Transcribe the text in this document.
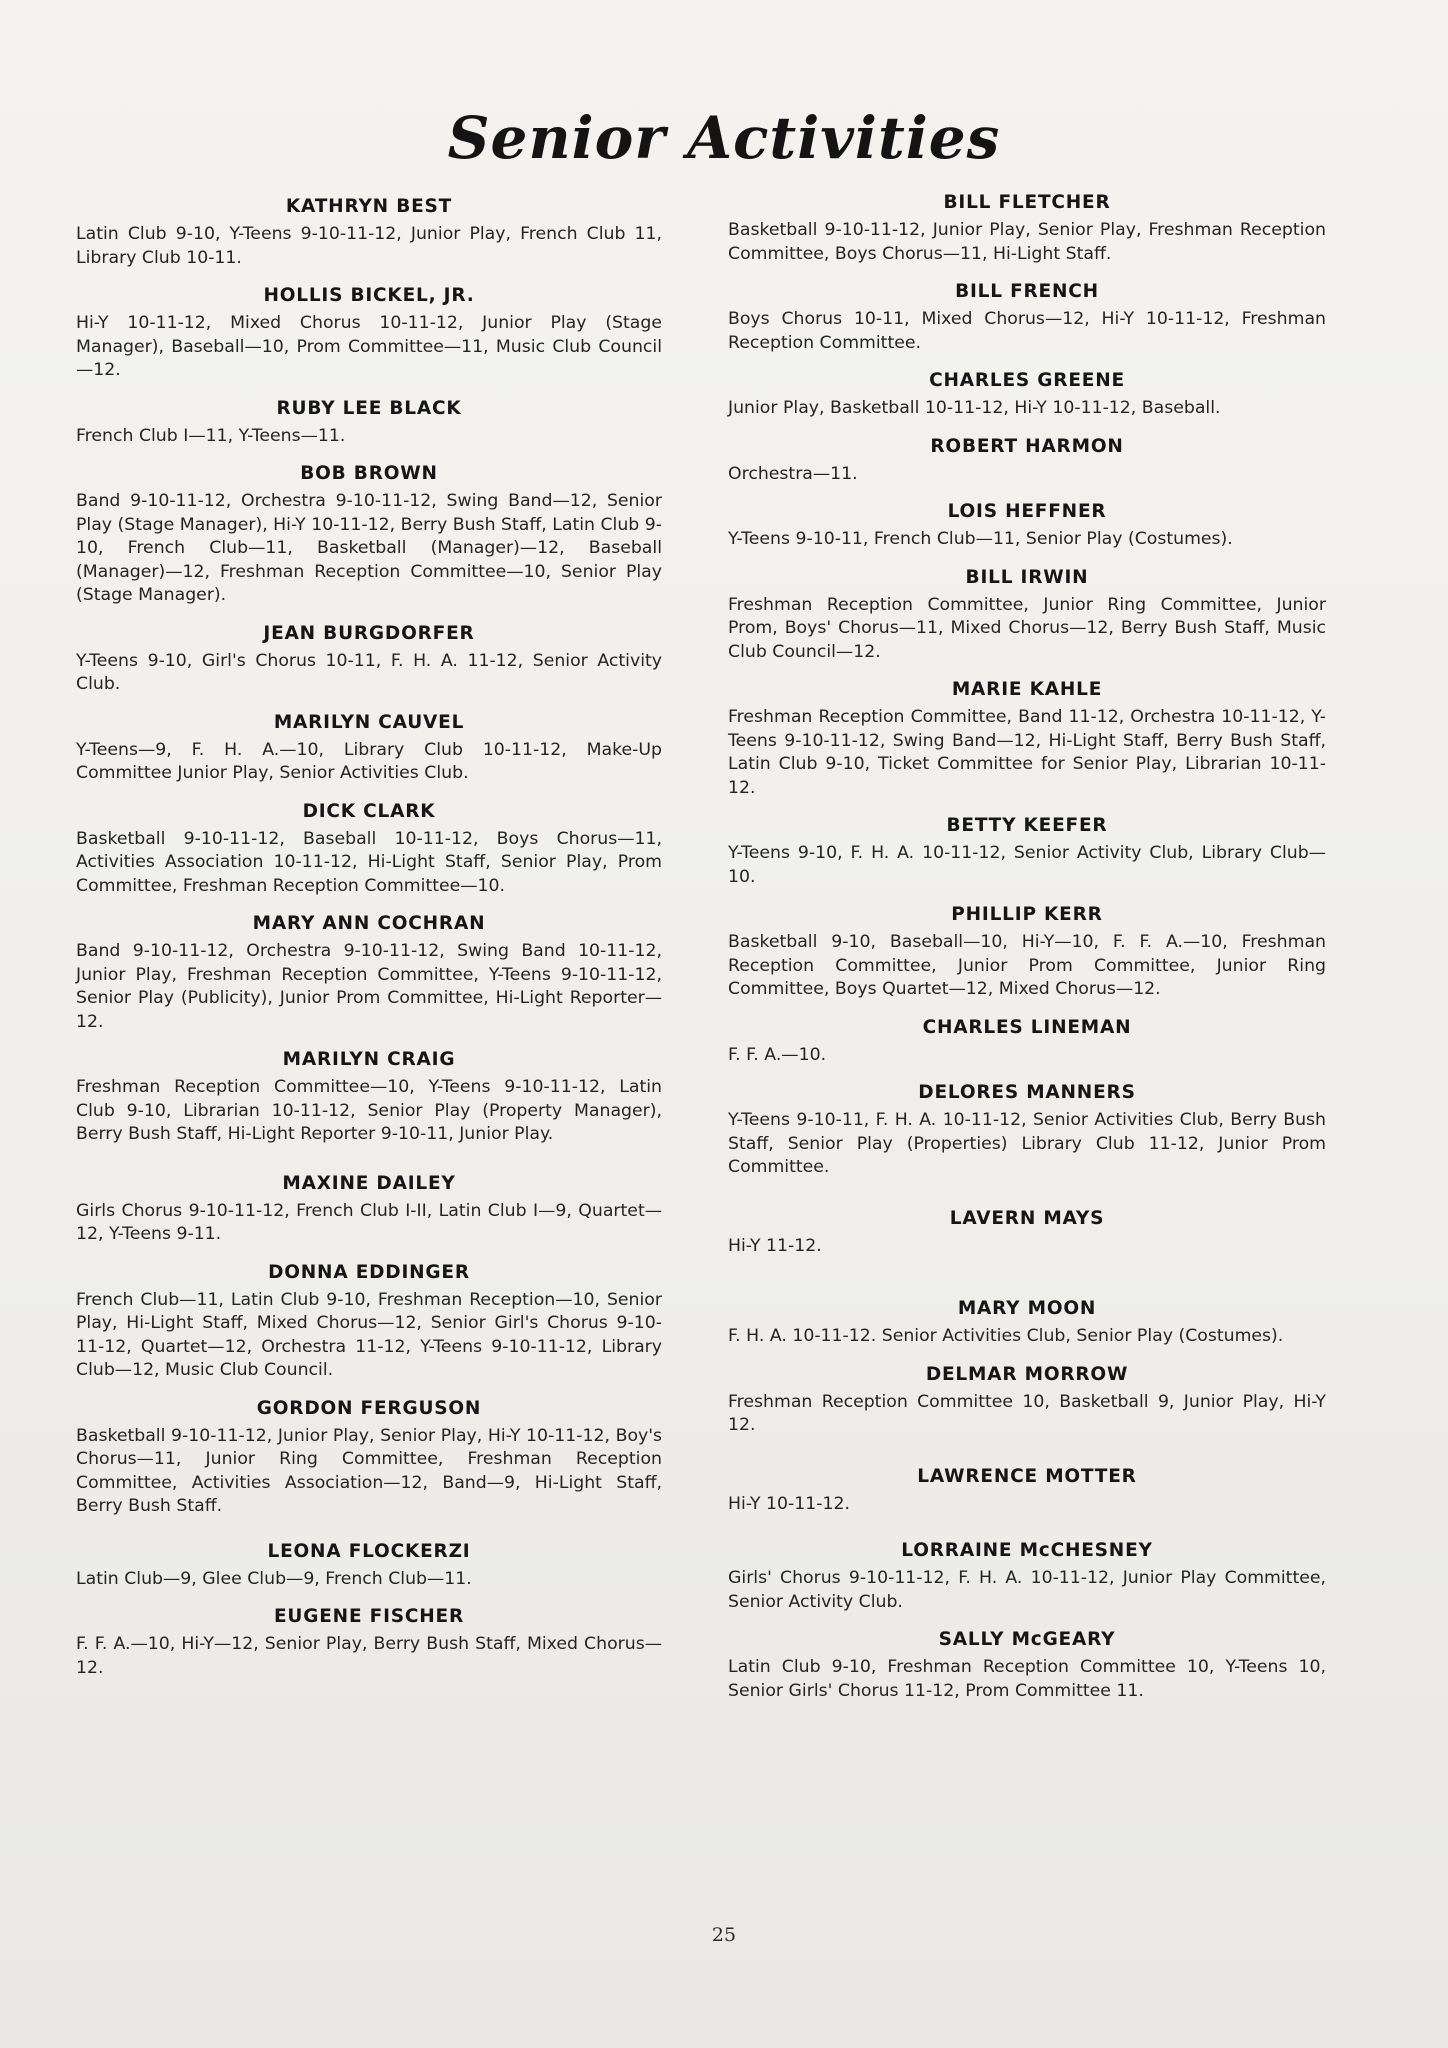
Senior Activities
KATHRYN BEST
Latin Club 9-10, Y-Teens 9-10-11-12, Junior Play, French Club 11, Library Club 10-11.
HOLLIS BICKEL, JR.
Hi-Y 10-11-12, Mixed Chorus 10-11-12, Junior Play (Stage Manager), Baseball—10, Prom Committee—11, Music Club Council—12.
RUBY LEE BLACK
French Club I—11, Y-Teens—11.
BOB BROWN
Band 9-10-11-12, Orchestra 9-10-11-12, Swing Band—12, Senior Play (Stage Manager), Hi-Y 10-11-12, Berry Bush Staff, Latin Club 9-10, French Club—11, Basketball (Manager)—12, Baseball (Manager)—12, Freshman Reception Committee—10, Senior Play (Stage Manager).
JEAN BURGDORFER
Y-Teens 9-10, Girl's Chorus 10-11, F. H. A. 11-12, Senior Activity Club.
MARILYN CAUVEL
Y-Teens—9, F. H. A.—10, Library Club 10-11-12, Make-Up Committee Junior Play, Senior Activities Club.
DICK CLARK
Basketball 9-10-11-12, Baseball 10-11-12, Boys Chorus—11, Activities Association 10-11-12, Hi-Light Staff, Senior Play, Prom Committee, Freshman Reception Committee—10.
MARY ANN COCHRAN
Band 9-10-11-12, Orchestra 9-10-11-12, Swing Band 10-11-12, Junior Play, Freshman Reception Committee, Y-Teens 9-10-11-12, Senior Play (Publicity), Junior Prom Committee, Hi-Light Reporter—12.
MARILYN CRAIG
Freshman Reception Committee—10, Y-Teens 9-10-11-12, Latin Club 9-10, Librarian 10-11-12, Senior Play (Property Manager), Berry Bush Staff, Hi-Light Reporter 9-10-11, Junior Play.
MAXINE DAILEY
Girls Chorus 9-10-11-12, French Club I-II, Latin Club I—9, Quartet—12, Y-Teens 9-11.
DONNA EDDINGER
French Club—11, Latin Club 9-10, Freshman Reception—10, Senior Play, Hi-Light Staff, Mixed Chorus—12, Senior Girl's Chorus 9-10-11-12, Quartet—12, Orchestra 11-12, Y-Teens 9-10-11-12, Library Club—12, Music Club Council.
GORDON FERGUSON
Basketball 9-10-11-12, Junior Play, Senior Play, Hi-Y 10-11-12, Boy's Chorus—11, Junior Ring Committee, Freshman Reception Committee, Activities Association—12, Band—9, Hi-Light Staff, Berry Bush Staff.
LEONA FLOCKERZI
Latin Club—9, Glee Club—9, French Club—11.
EUGENE FISCHER
F. F. A.—10, Hi-Y—12, Senior Play, Berry Bush Staff, Mixed Chorus—12.
BILL FLETCHER
Basketball 9-10-11-12, Junior Play, Senior Play, Freshman Reception Committee, Boys Chorus—11, Hi-Light Staff.
BILL FRENCH
Boys Chorus 10-11, Mixed Chorus—12, Hi-Y 10-11-12, Freshman Reception Committee.
CHARLES GREENE
Junior Play, Basketball 10-11-12, Hi-Y 10-11-12, Baseball.
ROBERT HARMON
Orchestra—11.
LOIS HEFFNER
Y-Teens 9-10-11, French Club—11, Senior Play (Costumes).
BILL IRWIN
Freshman Reception Committee, Junior Ring Committee, Junior Prom, Boys' Chorus—11, Mixed Chorus—12, Berry Bush Staff, Music Club Council—12.
MARIE KAHLE
Freshman Reception Committee, Band 11-12, Orchestra 10-11-12, Y-Teens 9-10-11-12, Swing Band—12, Hi-Light Staff, Berry Bush Staff, Latin Club 9-10, Ticket Committee for Senior Play, Librarian 10-11-12.
BETTY KEEFER
Y-Teens 9-10, F. H. A. 10-11-12, Senior Activity Club, Library Club—10.
PHILLIP KERR
Basketball 9-10, Baseball—10, Hi-Y—10, F. F. A.—10, Freshman Reception Committee, Junior Prom Committee, Junior Ring Committee, Boys Quartet—12, Mixed Chorus—12.
CHARLES LINEMAN
F. F. A.—10.
DELORES MANNERS
Y-Teens 9-10-11, F. H. A. 10-11-12, Senior Activities Club, Berry Bush Staff, Senior Play (Properties) Library Club 11-12, Junior Prom Committee.
LAVERN MAYS
Hi-Y 11-12.
MARY MOON
F. H. A. 10-11-12. Senior Activities Club, Senior Play (Costumes).
DELMAR MORROW
Freshman Reception Committee 10, Basketball 9, Junior Play, Hi-Y 12.
LAWRENCE MOTTER
Hi-Y 10-11-12.
LORRAINE McCHESNEY
Girls' Chorus 9-10-11-12, F. H. A. 10-11-12, Junior Play Committee, Senior Activity Club.
SALLY McGEARY
Latin Club 9-10, Freshman Reception Committee 10, Y-Teens 10, Senior Girls' Chorus 11-12, Prom Committee 11.
25
